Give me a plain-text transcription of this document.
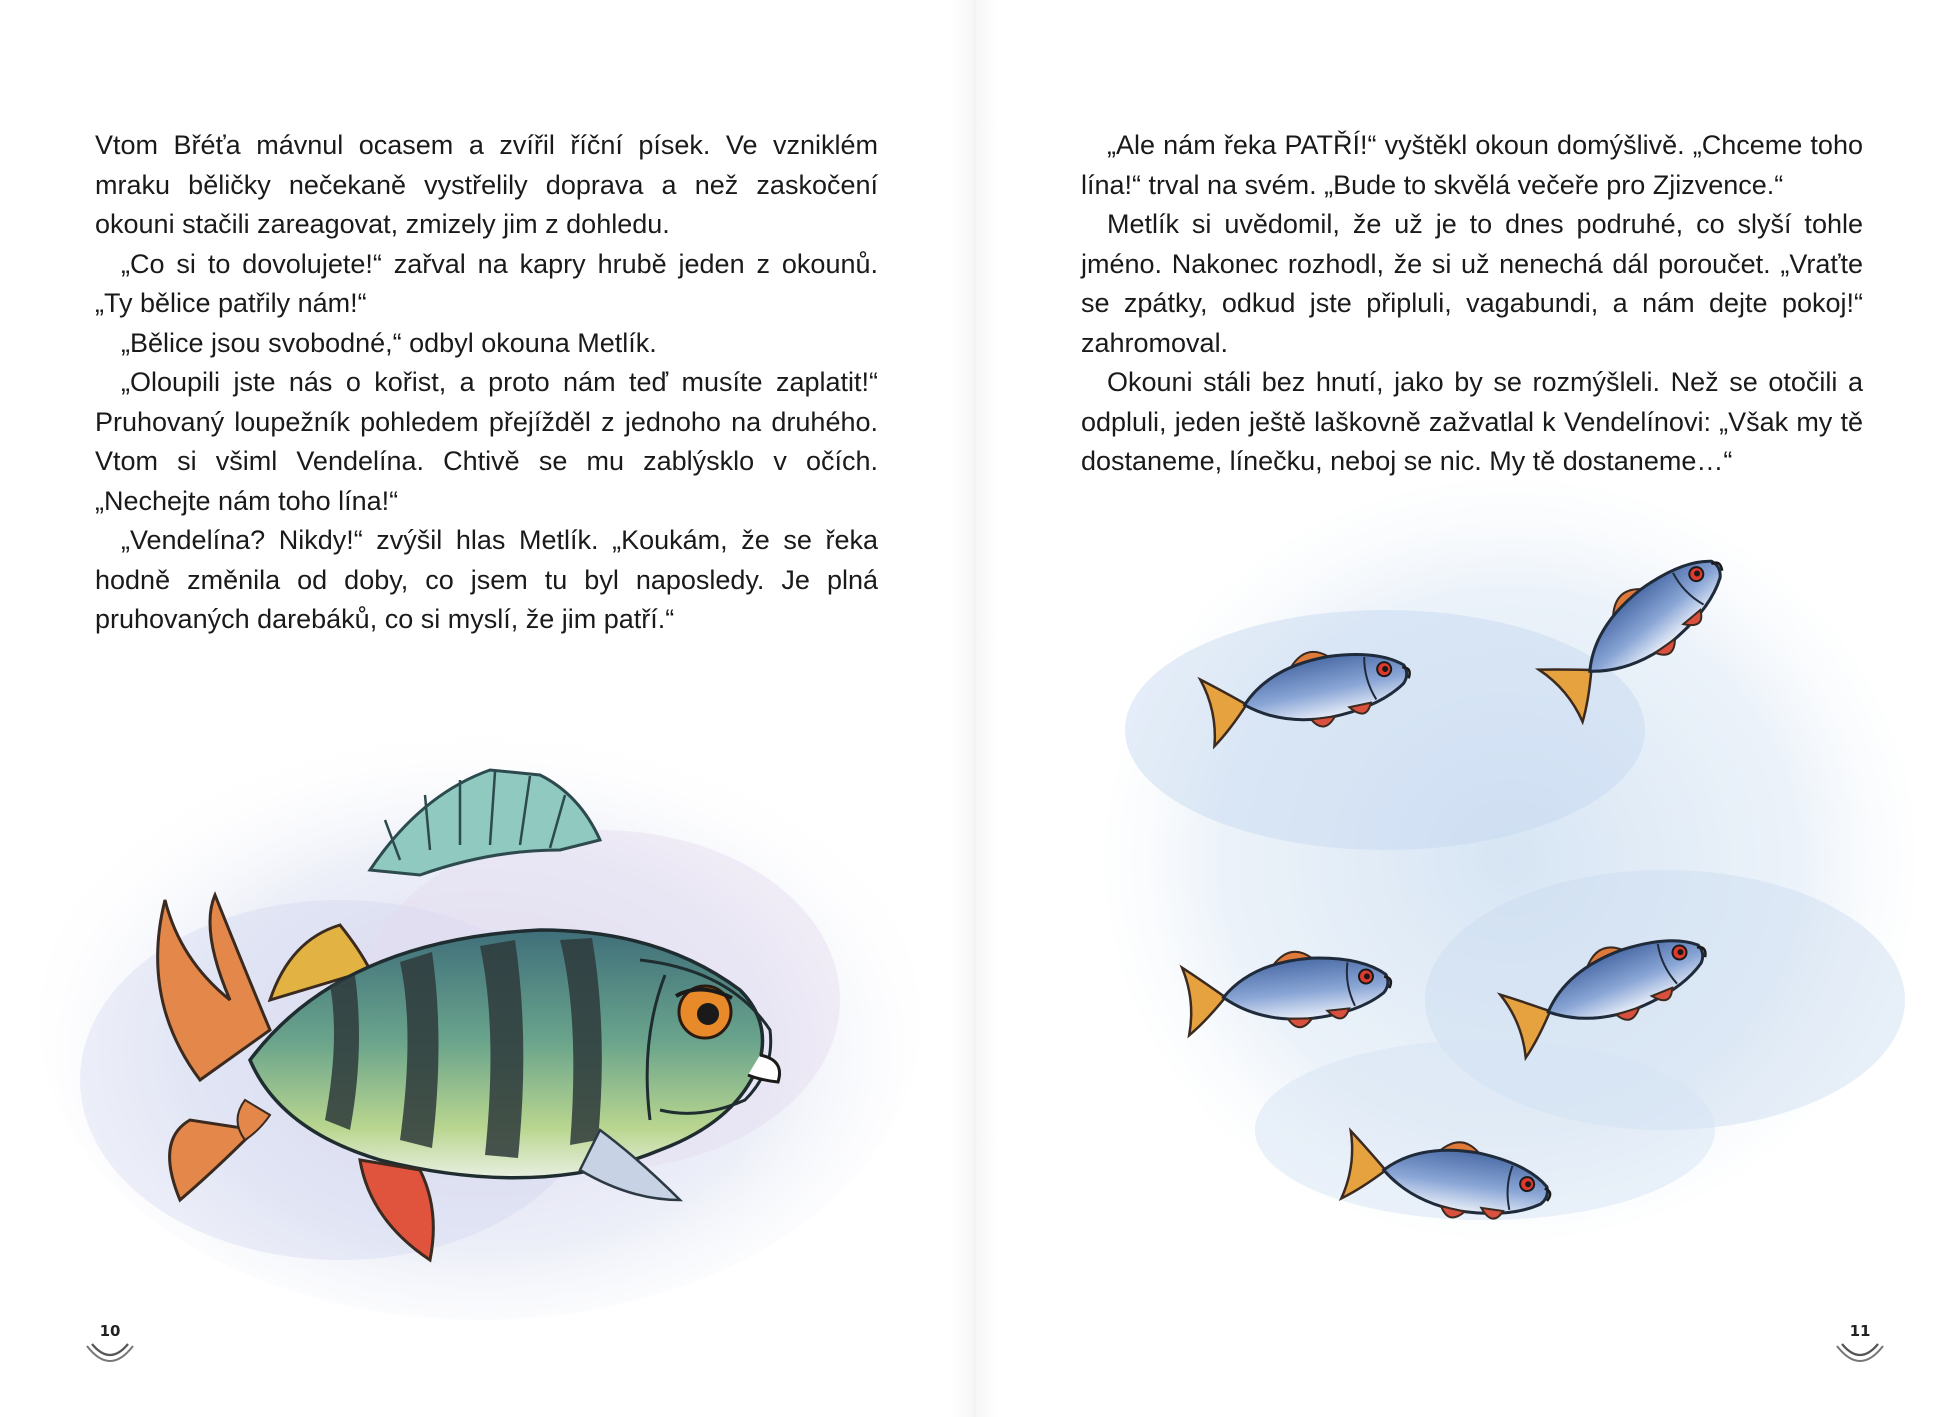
Vtom Břéťa mávnul ocasem a zvířil říční písek. Ve vzniklém mraku běličky nečekaně vystřelily doprava a než zaskočení okouni stačili zareagovat, zmizely jim z dohledu.

„Co si to dovolujete!“ zařval na kapry hrubě jeden z okounů. „Ty bělice patřily nám!“

„Bělice jsou svobodné,“ odbyl okouna Metlík.

„Oloupili jste nás o kořist, a proto nám teď musíte zaplatit!“ Pruhovaný loupežník pohledem přejížděl z jednoho na druhého. Vtom si všiml Vendelína. Chtivě se mu zablýsklo v očích. „Nechejte nám toho lína!“

„Vendelína? Nikdy!“ zvýšil hlas Metlík. „Koukám, že se řeka hodně změnila od doby, co jsem tu byl naposledy. Je plná pruhovaných darebáků, co si myslí, že jim patří.“

10

„Ale nám řeka PATŘÍ!“ vyštěkl okoun domýšlivě. „Chceme toho lína!“ trval na svém. „Bude to skvělá večeře pro Zjizvence.“

Metlík si uvědomil, že už je to dnes podruhé, co slyší tohle jméno. Nakonec rozhodl, že si už nenechá dál poroučet. „Vraťte se zpátky, odkud jste připluli, vagabundi, a nám dejte pokoj!“ zahromoval.

Okouni stáli bez hnutí, jako by se rozmýšleli. Než se otočili a odpluli, jeden ještě laškovně zažvatlal k Vendelínovi: „Však my tě dostaneme, línečku, neboj se nic. My tě dostaneme…“

11
